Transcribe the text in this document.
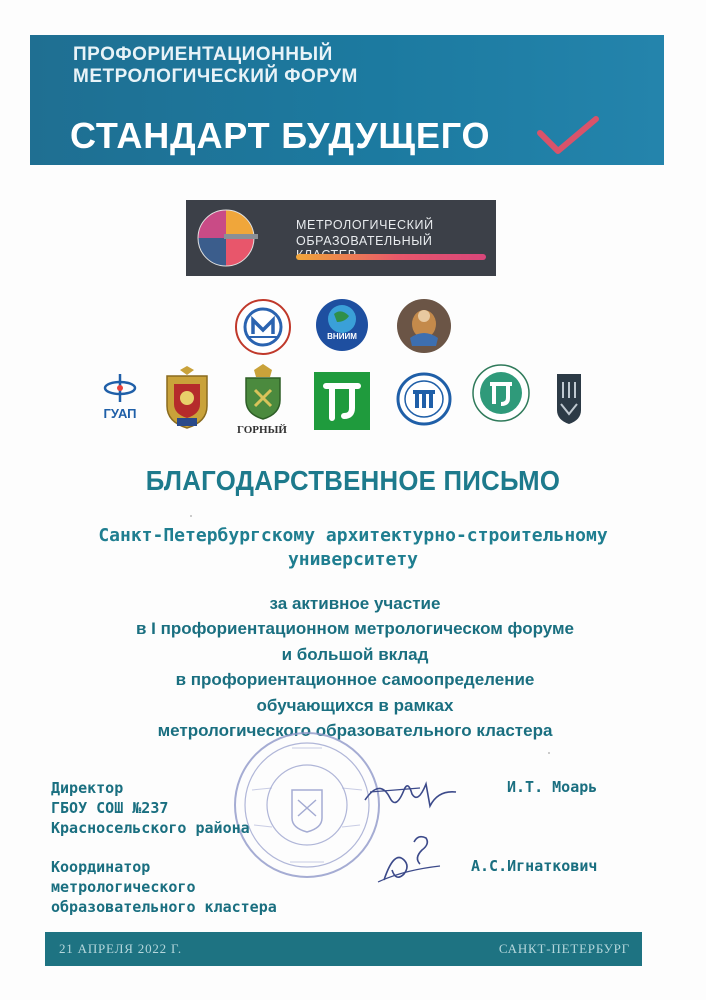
ПРОФОРИЕНТАЦИОННЫЙ
МЕТРОЛОГИЧЕСКИЙ ФОРУМ
СТАНДАРТ БУДУЩЕГО
МЕТРОЛОГИЧЕСКИЙ
ОБРАЗОВАТЕЛЬНЫЙ
ВНИИМ
ГУАП
ГОРНЫЙ
БЛАГОДАРСТВЕННОЕ ПИСЬМО
Санкт-Петербургскому архитектурно-строительному
университету
за активное участие
в I профориентационном метрологическом форуме
и большой вклад
в профориентационное самоопределение
обучающихся в рамках
метрологического образовательного кластера
Директор
ГБОУ СОШ №237
Красносельского района
И.Т. Моарь
Координатор
метрологического
образовательного кластера
А.С.Игнаткович
21 АПРЕЛЯ 2022 Г.	САНКТ-ПЕТЕРБУРГ
